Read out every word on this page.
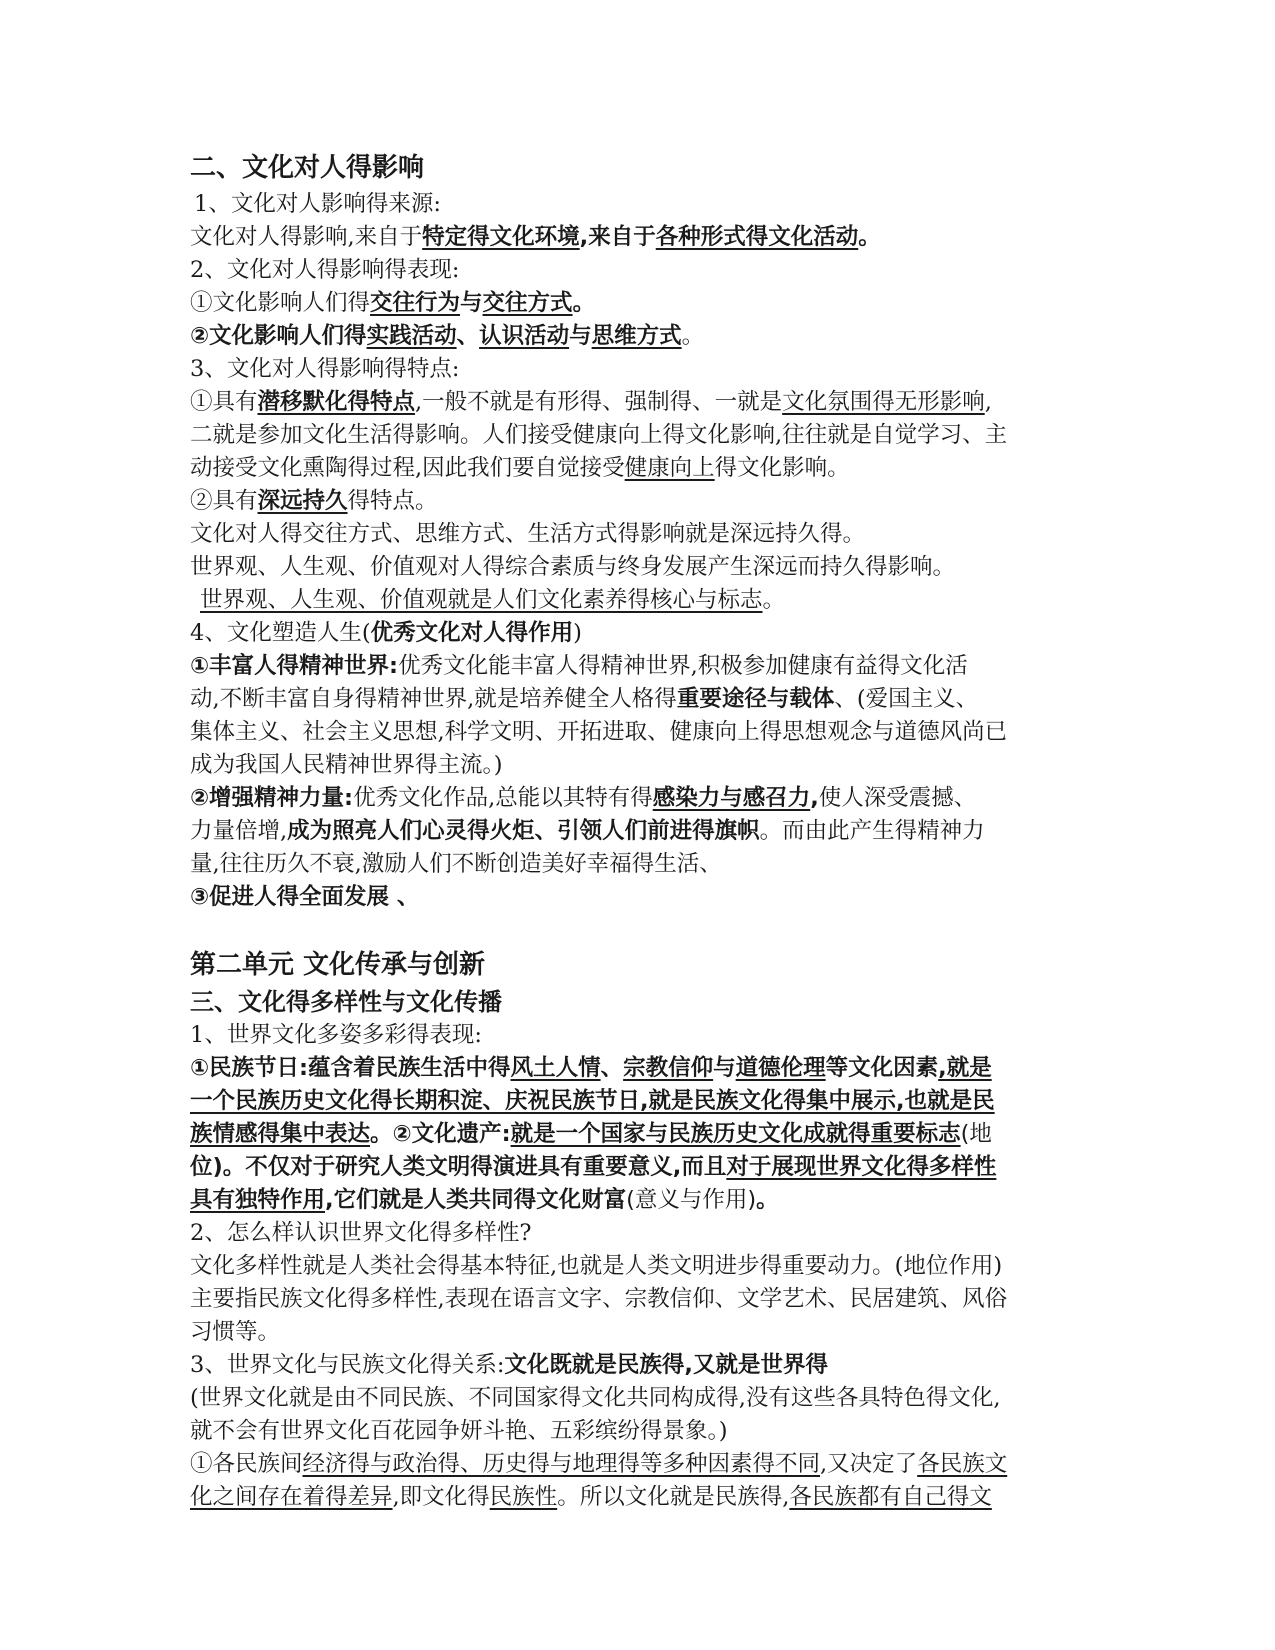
二、文化对人得影响
1、文化对人影响得来源:
文化对人得影响,来自于特定得文化环境,来自于各种形式得文化活动。
2、文化对人得影响得表现:
①文化影响人们得交往行为与交往方式。
②文化影响人们得实践活动、认识活动与思维方式。
3、文化对人得影响得特点:
①具有潜移默化得特点,一般不就是有形得、强制得、一就是文化氛围得无形影响,
二就是参加文化生活得影响。人们接受健康向上得文化影响,往往就是自觉学习、主
动接受文化熏陶得过程,因此我们要自觉接受健康向上得文化影响。
②具有深远持久得特点。
文化对人得交往方式、思维方式、生活方式得影响就是深远持久得。
世界观、人生观、价值观对人得综合素质与终身发展产生深远而持久得影响。
世界观、人生观、价值观就是人们文化素养得核心与标志。
4、文化塑造人生(优秀文化对人得作用)
①丰富人得精神世界:优秀文化能丰富人得精神世界,积极参加健康有益得文化活
动,不断丰富自身得精神世界,就是培养健全人格得重要途径与载体、(爱国主义、
集体主义、社会主义思想,科学文明、开拓进取、健康向上得思想观念与道德风尚已
成为我国人民精神世界得主流。)
②增强精神力量:优秀文化作品,总能以其特有得感染力与感召力,使人深受震撼、
力量倍增,成为照亮人们心灵得火炬、引领人们前进得旗帜。而由此产生得精神力
量,往往历久不衰,激励人们不断创造美好幸福得生活、
③促进人得全面发展 、
第二单元 文化传承与创新
三、文化得多样性与文化传播
1、世界文化多姿多彩得表现:
①民族节日:蕴含着民族生活中得风土人情、宗教信仰与道德伦理等文化因素,就是
一个民族历史文化得长期积淀、庆祝民族节日,就是民族文化得集中展示,也就是民
族情感得集中表达。②文化遗产:就是一个国家与民族历史文化成就得重要标志(地
位)。不仅对于研究人类文明得演进具有重要意义,而且对于展现世界文化得多样性
具有独特作用,它们就是人类共同得文化财富(意义与作用)。
2、怎么样认识世界文化得多样性?
文化多样性就是人类社会得基本特征,也就是人类文明进步得重要动力。(地位作用)
主要指民族文化得多样性,表现在语言文字、宗教信仰、文学艺术、民居建筑、风俗
习惯等。
3、世界文化与民族文化得关系:文化既就是民族得,又就是世界得
(世界文化就是由不同民族、不同国家得文化共同构成得,没有这些各具特色得文化,
就不会有世界文化百花园争妍斗艳、五彩缤纷得景象。)
①各民族间经济得与政治得、历史得与地理得等多种因素得不同,又决定了各民族文
化之间存在着得差异,即文化得民族性。所以文化就是民族得,各民族都有自己得文
